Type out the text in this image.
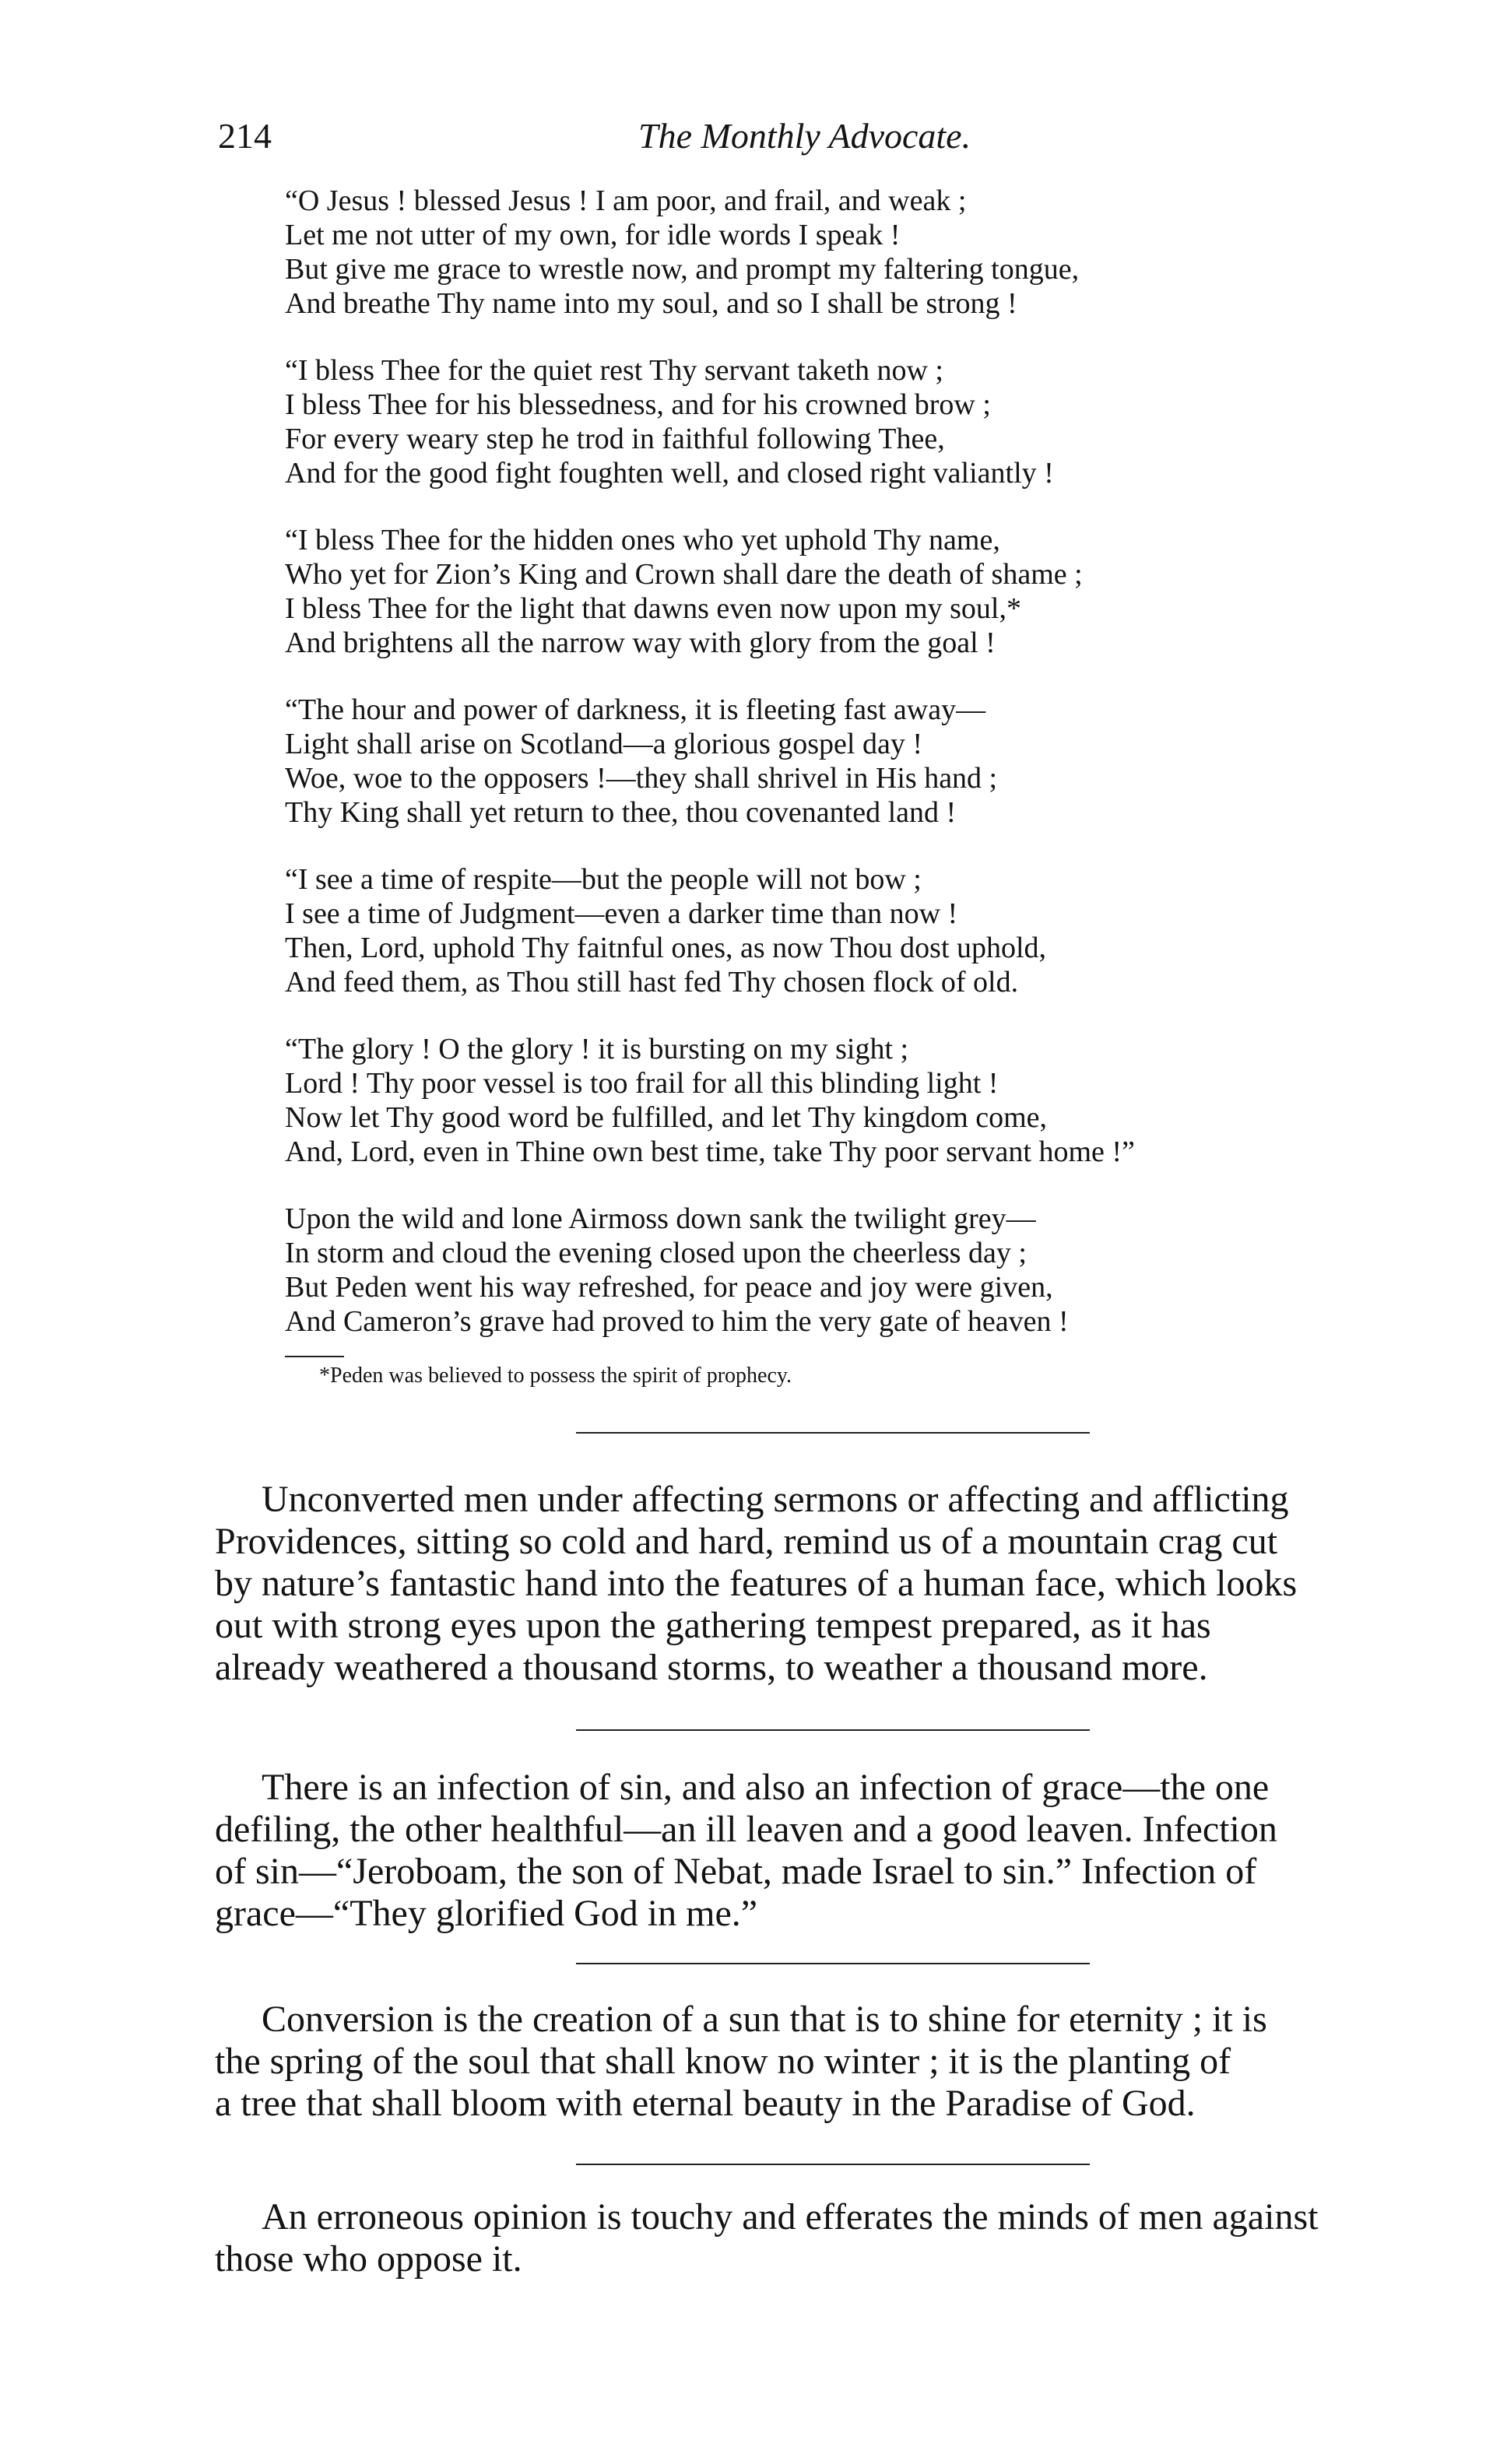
214	The Monthly Advocate.
“O Jesus ! blessed Jesus ! I am poor, and frail, and weak ;
Let me not utter of my own, for idle words I speak !
But give me grace to wrestle now, and prompt my faltering tongue,
And breathe Thy name into my soul, and so I shall be strong !
“I bless Thee for the quiet rest Thy servant taketh now ;
I bless Thee for his blessedness, and for his crowned brow ;
For every weary step he trod in faithful following Thee,
And for the good fight foughten well, and closed right valiantly !
“I bless Thee for the hidden ones who yet uphold Thy name,
Who yet for Zion’s King and Crown shall dare the death of shame ;
I bless Thee for the light that dawns even now upon my soul,*
And brightens all the narrow way with glory from the goal !
“The hour and power of darkness, it is fleeting fast away—
Light shall arise on Scotland—a glorious gospel day !
Woe, woe to the opposers !—they shall shrivel in His hand ;
Thy King shall yet return to thee, thou covenanted land !
“I see a time of respite—but the people will not bow ;
I see a time of Judgment—even a darker time than now !
Then, Lord, uphold Thy faitnful ones, as now Thou dost uphold,
And feed them, as Thou still hast fed Thy chosen flock of old.
“The glory ! O the glory ! it is bursting on my sight ;
Lord ! Thy poor vessel is too frail for all this blinding light !
Now let Thy good word be fulfilled, and let Thy kingdom come,
And, Lord, even in Thine own best time, take Thy poor servant home !”
Upon the wild and lone Airmoss down sank the twilight grey—
In storm and cloud the evening closed upon the cheerless day ;
But Peden went his way refreshed, for peace and joy were given,
And Cameron’s grave had proved to him the very gate of heaven !
*Peden was believed to possess the spirit of prophecy.
Unconverted men under affecting sermons or affecting and afflicting
Providences, sitting so cold and hard, remind us of a mountain crag cut
by nature’s fantastic hand into the features of a human face, which looks
out with strong eyes upon the gathering tempest prepared, as it has
already weathered a thousand storms, to weather a thousand more.
There is an infection of sin, and also an infection of grace—the one
defiling, the other healthful—an ill leaven and a good leaven. Infection
of sin—“Jeroboam, the son of Nebat, made Israel to sin.” Infection of
grace—“They glorified God in me.”
Conversion is the creation of a sun that is to shine for eternity ; it is
the spring of the soul that shall know no winter ; it is the planting of
a tree that shall bloom with eternal beauty in the Paradise of God.
An erroneous opinion is touchy and efferates the minds of men against
those who oppose it.
